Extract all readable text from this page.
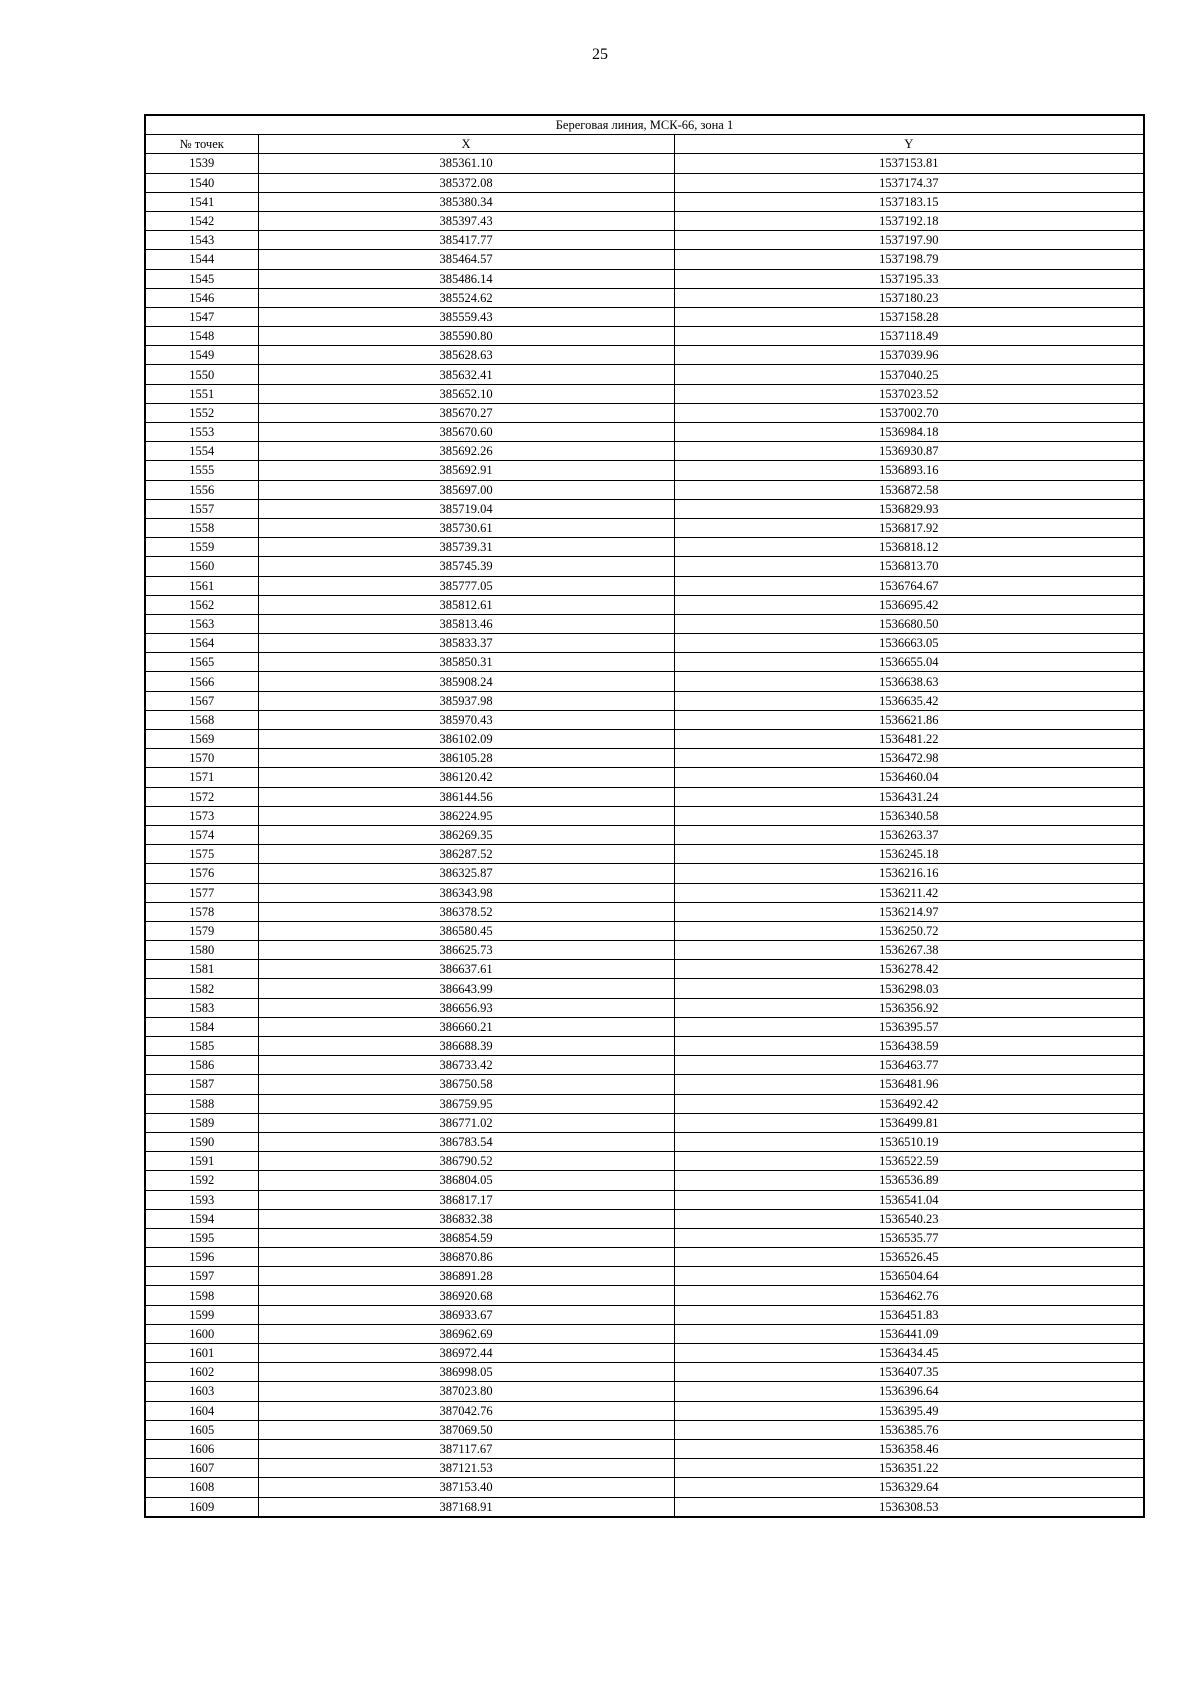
25
Береговая линия, МСК-66, зона 1		
№ точек	X	Y
1539	385361.10	1537153.81
1540	385372.08	1537174.37
1541	385380.34	1537183.15
1542	385397.43	1537192.18
1543	385417.77	1537197.90
1544	385464.57	1537198.79
1545	385486.14	1537195.33
1546	385524.62	1537180.23
1547	385559.43	1537158.28
1548	385590.80	1537118.49
1549	385628.63	1537039.96
1550	385632.41	1537040.25
1551	385652.10	1537023.52
1552	385670.27	1537002.70
1553	385670.60	1536984.18
1554	385692.26	1536930.87
1555	385692.91	1536893.16
1556	385697.00	1536872.58
1557	385719.04	1536829.93
1558	385730.61	1536817.92
1559	385739.31	1536818.12
1560	385745.39	1536813.70
1561	385777.05	1536764.67
1562	385812.61	1536695.42
1563	385813.46	1536680.50
1564	385833.37	1536663.05
1565	385850.31	1536655.04
1566	385908.24	1536638.63
1567	385937.98	1536635.42
1568	385970.43	1536621.86
1569	386102.09	1536481.22
1570	386105.28	1536472.98
1571	386120.42	1536460.04
1572	386144.56	1536431.24
1573	386224.95	1536340.58
1574	386269.35	1536263.37
1575	386287.52	1536245.18
1576	386325.87	1536216.16
1577	386343.98	1536211.42
1578	386378.52	1536214.97
1579	386580.45	1536250.72
1580	386625.73	1536267.38
1581	386637.61	1536278.42
1582	386643.99	1536298.03
1583	386656.93	1536356.92
1584	386660.21	1536395.57
1585	386688.39	1536438.59
1586	386733.42	1536463.77
1587	386750.58	1536481.96
1588	386759.95	1536492.42
1589	386771.02	1536499.81
1590	386783.54	1536510.19
1591	386790.52	1536522.59
1592	386804.05	1536536.89
1593	386817.17	1536541.04
1594	386832.38	1536540.23
1595	386854.59	1536535.77
1596	386870.86	1536526.45
1597	386891.28	1536504.64
1598	386920.68	1536462.76
1599	386933.67	1536451.83
1600	386962.69	1536441.09
1601	386972.44	1536434.45
1602	386998.05	1536407.35
1603	387023.80	1536396.64
1604	387042.76	1536395.49
1605	387069.50	1536385.76
1606	387117.67	1536358.46
1607	387121.53	1536351.22
1608	387153.40	1536329.64
1609	387168.91	1536308.53
